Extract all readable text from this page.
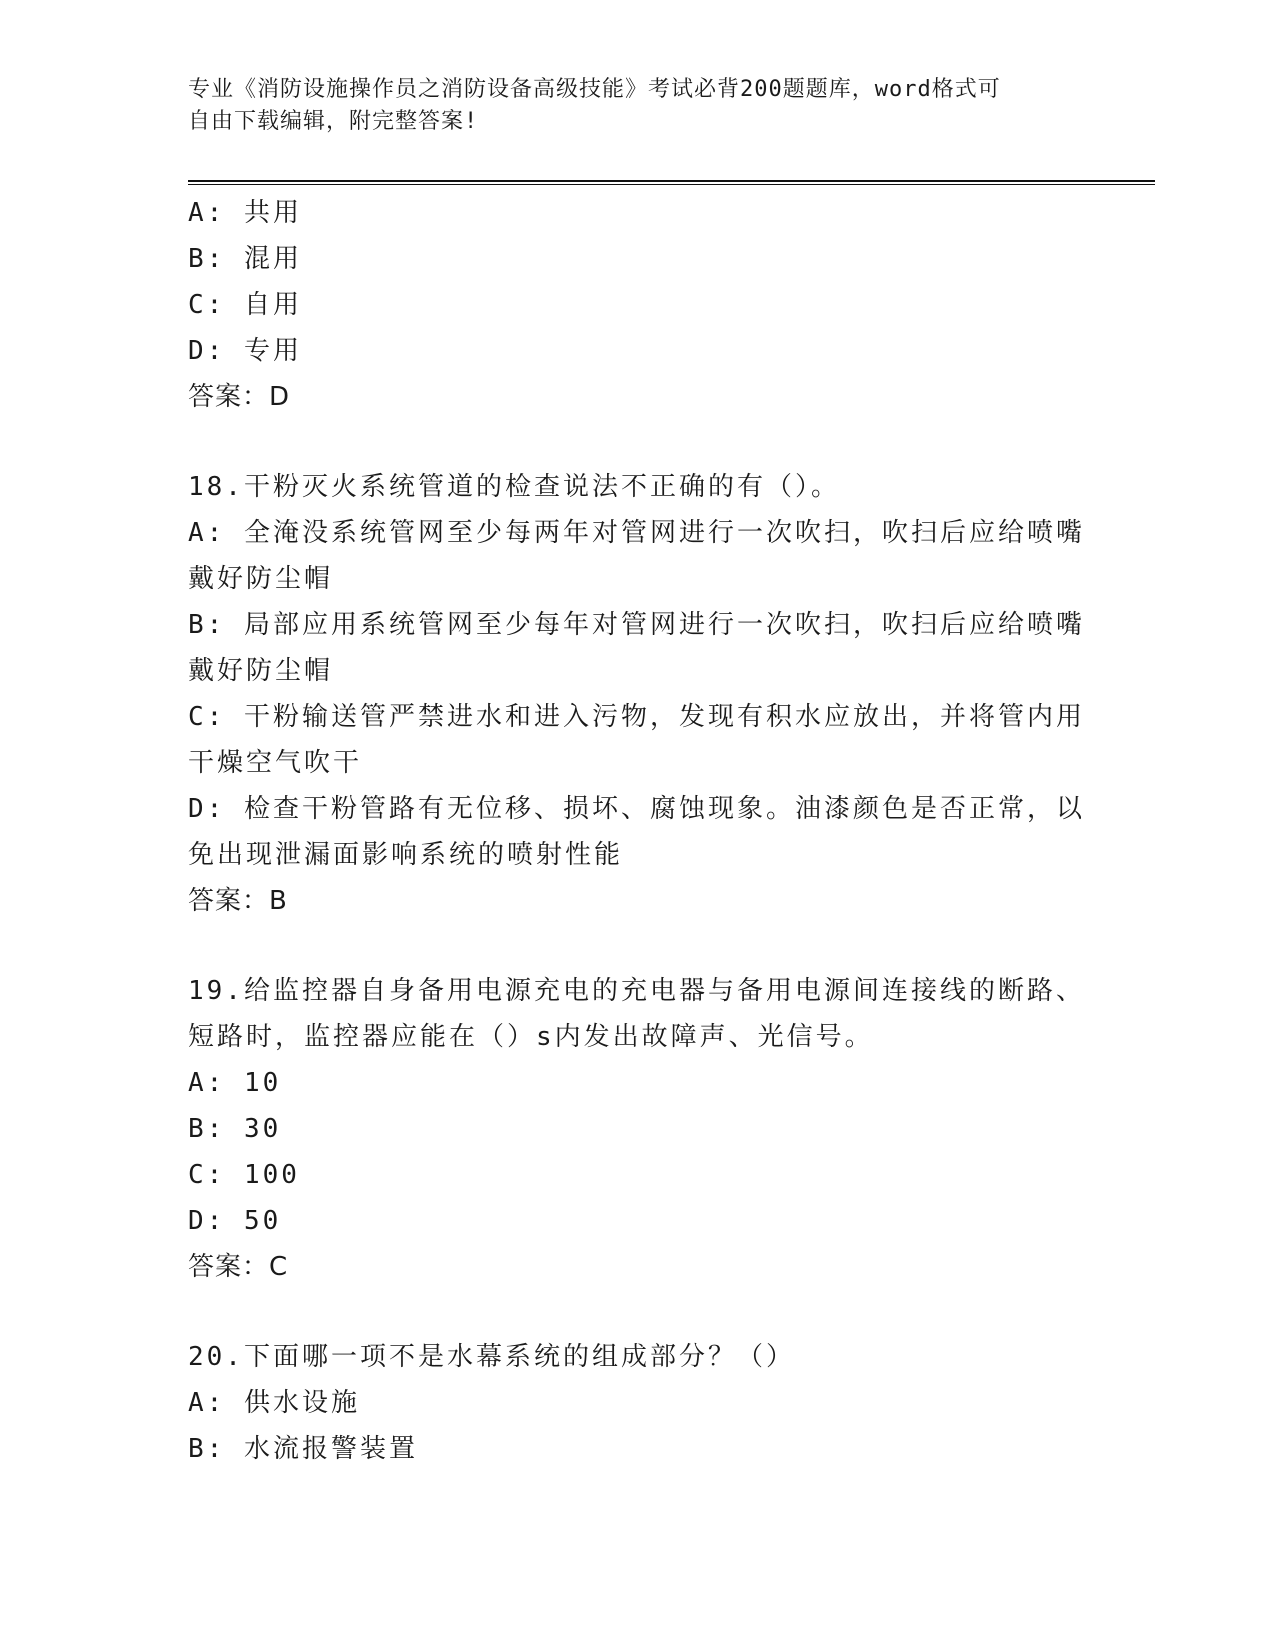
专业《消防设施操作员之消防设备高级技能》考试必背200题题库，word格式可
自由下载编辑，附完整答案!
A: 共用
B: 混用
C: 自用
D: 专用
答案：D
18.干粉灭火系统管道的检查说法不正确的有（）。
A: 全淹没系统管网至少每两年对管网进行一次吹扫，吹扫后应给喷嘴
戴好防尘帽
B: 局部应用系统管网至少每年对管网进行一次吹扫，吹扫后应给喷嘴
戴好防尘帽
C: 干粉输送管严禁进水和进入污物，发现有积水应放出，并将管内用
干燥空气吹干
D: 检查干粉管路有无位移、损坏、腐蚀现象。油漆颜色是否正常，以
免出现泄漏面影响系统的喷射性能
答案：B
19.给监控器自身备用电源充电的充电器与备用电源间连接线的断路、
短路时，监控器应能在（）s内发出故障声、光信号。
A: 10
B: 30
C: 100
D: 50
答案：C
20.下面哪一项不是水幕系统的组成部分？（）
A: 供水设施
B: 水流报警装置
